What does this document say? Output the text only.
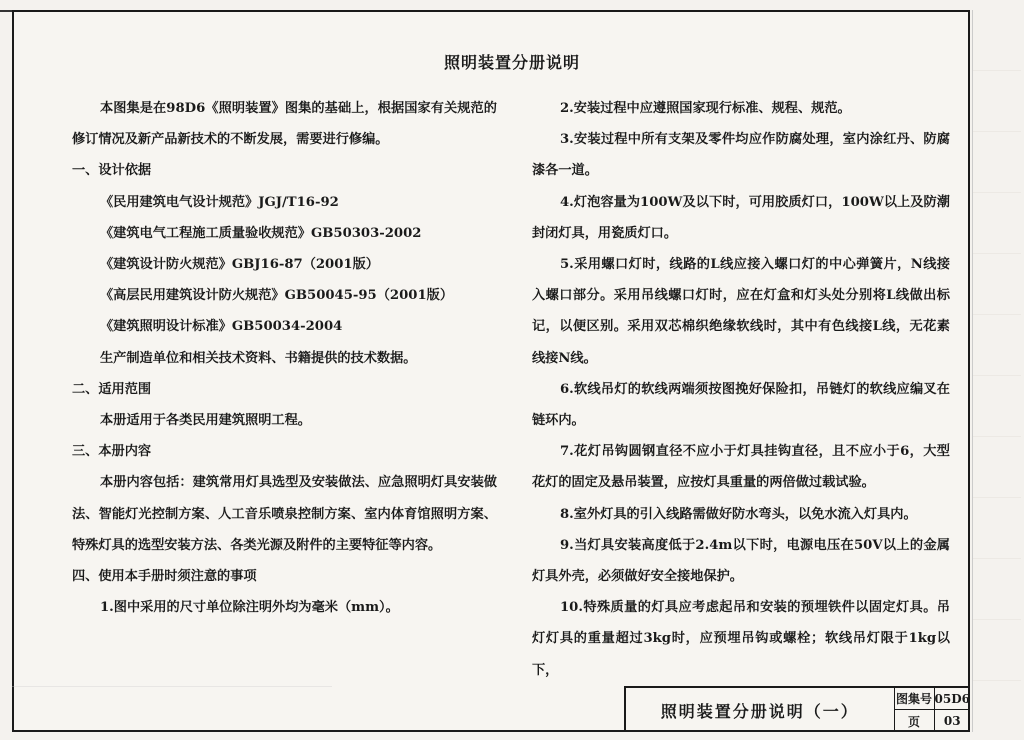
照明装置分册说明

本图集是在98D6《照明装置》图集的基础上，根据国家有关规范的修订情况及新产品新技术的不断发展，需要进行修编。

一、设计依据

《民用建筑电气设计规范》JGJ/T16-92

《建筑电气工程施工质量验收规范》GB50303-2002

《建筑设计防火规范》GBJ16-87（2001版）

《高层民用建筑设计防火规范》GB50045-95（2001版）

《建筑照明设计标准》GB50034-2004

生产制造单位和相关技术资料、书籍提供的技术数据。

二、适用范围

本册适用于各类民用建筑照明工程。

三、本册内容

本册内容包括：建筑常用灯具选型及安装做法、应急照明灯具安装做法、智能灯光控制方案、人工音乐喷泉控制方案、室内体育馆照明方案、特殊灯具的选型安装方法、各类光源及附件的主要特征等内容。

四、使用本手册时须注意的事项

1.图中采用的尺寸单位除注明外均为毫米（mm）。

2.安装过程中应遵照国家现行标准、规程、规范。

3.安装过程中所有支架及零件均应作防腐处理，室内涂红丹、防腐漆各一道。

4.灯泡容量为100W及以下时，可用胶质灯口，100W以上及防潮封闭灯具，用瓷质灯口。

5.采用螺口灯时，线路的L线应接入螺口灯的中心弹簧片，N线接入螺口部分。采用吊线螺口灯时，应在灯盒和灯头处分别将L线做出标记，以便区别。采用双芯棉织绝缘软线时，其中有色线接L线，无花素线接N线。

6.软线吊灯的软线两端须按图挽好保险扣，吊链灯的软线应编叉在链环内。

7.花灯吊钩圆钢直径不应小于灯具挂钩直径，且不应小于6，大型花灯的固定及悬吊装置，应按灯具重量的两倍做过载试验。

8.室外灯具的引入线路需做好防水弯头，以免水流入灯具内。

9.当灯具安装高度低于2.4m以下时，电源电压在50V以上的金属灯具外壳，必须做好安全接地保护。

10.特殊质量的灯具应考虑起吊和安装的预埋铁件以固定灯具。吊灯灯具的重量超过3kg时，应预埋吊钩或螺栓；软线吊灯限于1kg以下，

照明装置分册说明（一）
图集号 05D6
页	03
